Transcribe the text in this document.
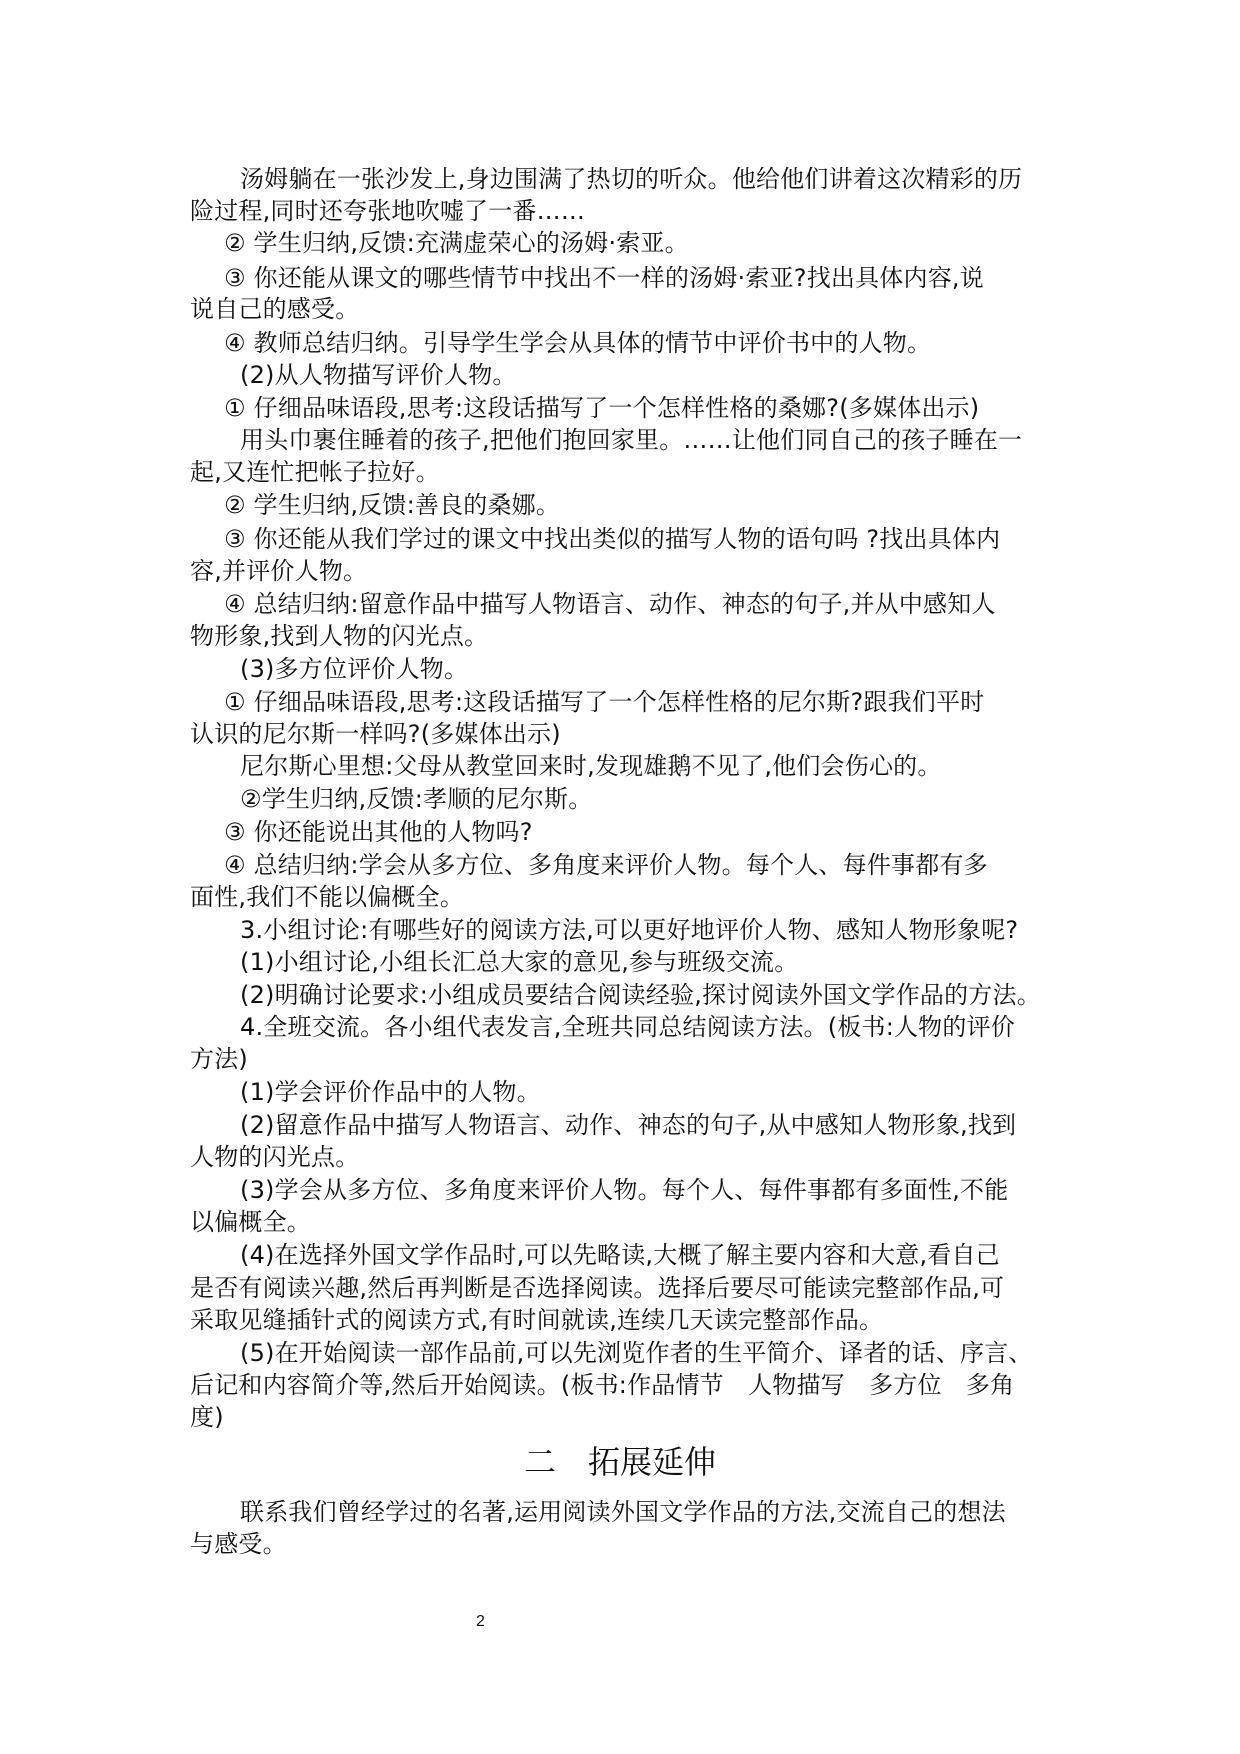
汤姆躺在一张沙发上,身边围满了热切的听众。他给他们讲着这次精彩的历
险过程,同时还夸张地吹嘘了一番……
② 学生归纳,反馈:充满虚荣心的汤姆·索亚。
③ 你还能从课文的哪些情节中找出不一样的汤姆·索亚?找出具体内容,说
说自己的感受。
④ 教师总结归纳。引导学生学会从具体的情节中评价书中的人物。
(2)从人物描写评价人物。
① 仔细品味语段,思考:这段话描写了一个怎样性格的桑娜?(多媒体出示)
用头巾裹住睡着的孩子,把他们抱回家里。……让他们同自己的孩子睡在一
起,又连忙把帐子拉好。
② 学生归纳,反馈:善良的桑娜。
③ 你还能从我们学过的课文中找出类似的描写人物的语句吗 ?找出具体内
容,并评价人物。
④ 总结归纳:留意作品中描写人物语言、动作、神态的句子,并从中感知人
物形象,找到人物的闪光点。
(3)多方位评价人物。
① 仔细品味语段,思考:这段话描写了一个怎样性格的尼尔斯?跟我们平时
认识的尼尔斯一样吗?(多媒体出示)
尼尔斯心里想:父母从教堂回来时,发现雄鹅不见了,他们会伤心的。
②学生归纳,反馈:孝顺的尼尔斯。
③ 你还能说出其他的人物吗?
④ 总结归纳:学会从多方位、多角度来评价人物。每个人、每件事都有多
面性,我们不能以偏概全。
3.小组讨论:有哪些好的阅读方法,可以更好地评价人物、感知人物形象呢?
(1)小组讨论,小组长汇总大家的意见,参与班级交流。
(2)明确讨论要求:小组成员要结合阅读经验,探讨阅读外国文学作品的方法。
4.全班交流。各小组代表发言,全班共同总结阅读方法。(板书:人物的评价
方法)
(1)学会评价作品中的人物。
(2)留意作品中描写人物语言、动作、神态的句子,从中感知人物形象,找到
人物的闪光点。
(3)学会从多方位、多角度来评价人物。每个人、每件事都有多面性,不能
以偏概全。
(4)在选择外国文学作品时,可以先略读,大概了解主要内容和大意,看自己
是否有阅读兴趣,然后再判断是否选择阅读。选择后要尽可能读完整部作品,可
采取见缝插针式的阅读方式,有时间就读,连续几天读完整部作品。
(5)在开始阅读一部作品前,可以先浏览作者的生平简介、译者的话、序言、
后记和内容简介等,然后开始阅读。(板书:作品情节　人物描写　多方位　多角
度)
二　拓展延伸
联系我们曾经学过的名著,运用阅读外国文学作品的方法,交流自己的想法
与感受。
2
